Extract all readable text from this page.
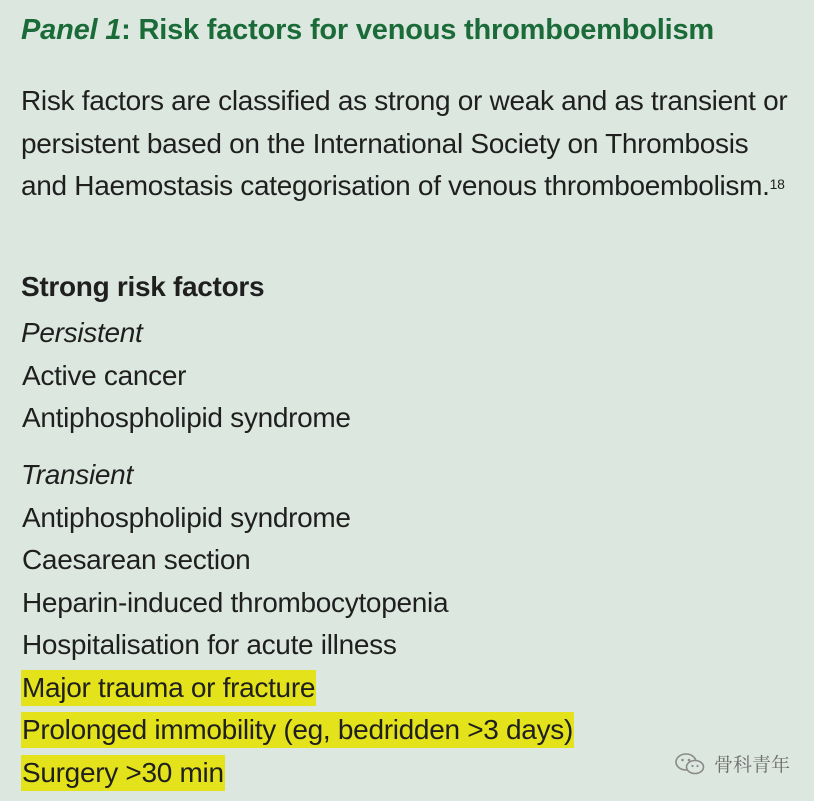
Panel 1: Risk factors for venous thromboembolism
Risk factors are classified as strong or weak and as transient or persistent based on the International Society on Thrombosis and Haemostasis categorisation of venous thromboembolism.$^{18}$
Strong risk factors
Persistent
Active cancer
Antiphospholipid syndrome
Transient
Antiphospholipid syndrome
Caesarean section
Heparin-induced thrombocytopenia
Hospitalisation for acute illness
Major trauma or fracture
Prolonged immobility (eg, bedridden >3 days)
Surgery >30 min	骨科青年
